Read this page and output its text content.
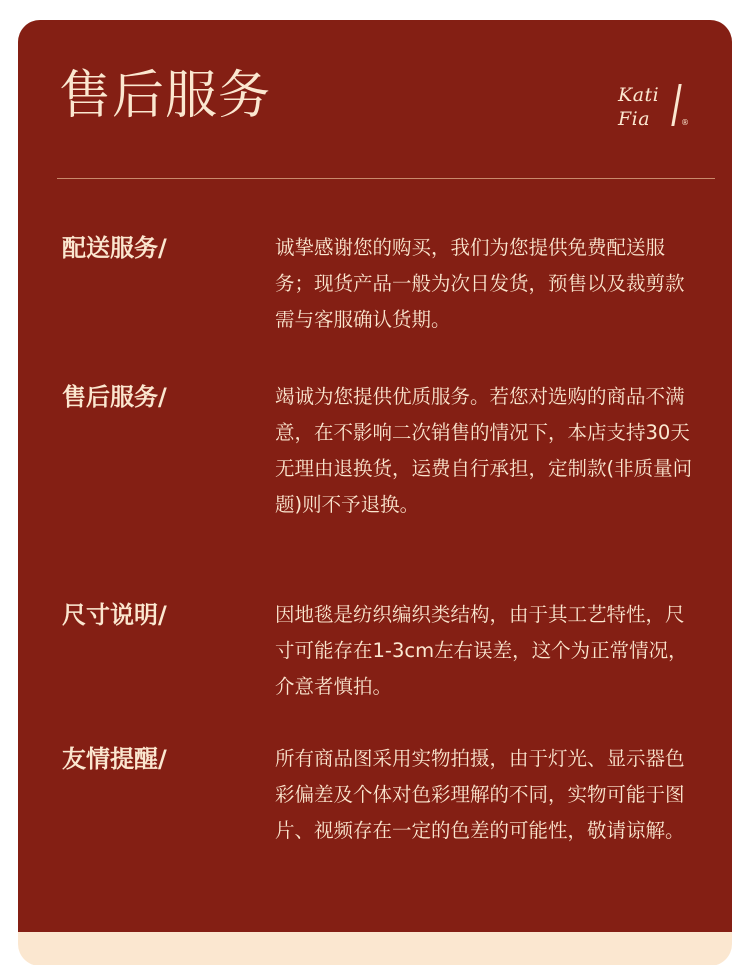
售后服务	Kati
Fia	®
配送服务/	诚挚感谢您的购买，我们为您提供免费配送服务；现货产品一般为次日发货，预售以及裁剪款需与客服确认货期。

售后服务/	竭诚为您提供优质服务。若您对选购的商品不满意，在不影响二次销售的情况下，本店支持30天无理由退换货，运费自行承担，定制款(非质量问题)则不予退换。

尺寸说明/	因地毯是纺织编织类结构，由于其工艺特性，尺寸可能存在1-3cm左右误差，这个为正常情况，介意者慎拍。

友情提醒/	所有商品图采用实物拍摄，由于灯光、显示器色彩偏差及个体对色彩理解的不同，实物可能于图片、视频存在一定的色差的可能性，敬请谅解。
